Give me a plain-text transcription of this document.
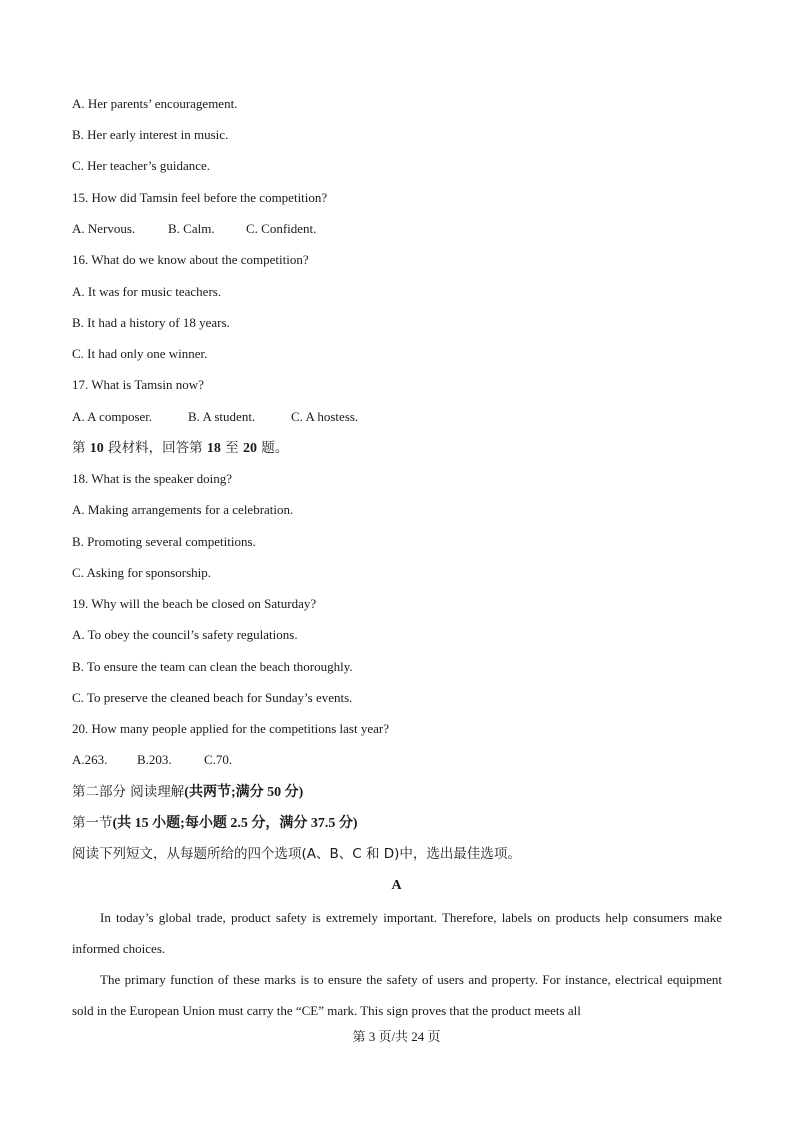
A. Her parents’ encouragement.
B. Her early interest in music.
C. Her teacher’s guidance.
15. How did Tamsin feel before the competition?
A. Nervous.	B. Calm. C. Confident.
16. What do we know about the competition?
A. It was for music teachers.
B. It had a history of 18 years.
C. It had only one winner.
17. What is Tamsin now?
A. A composer.	B. A student.	C. A hostess.
第 10 段材料，回答第 18 至 20 题。
18. What is the speaker doing?
A. Making arrangements for a celebration.
B. Promoting several competitions.
C. Asking for sponsorship.
19. Why will the beach be closed on Saturday?
A. To obey the council’s safety regulations.
B. To ensure the team can clean the beach thoroughly.
C. To preserve the cleaned beach for Sunday’s events.
20. How many people applied for the competitions last year?
A.263. B.203. C.70.
第二部分 阅读理解(共两节;满分 50 分)
第一节(共 15 小题;每小题 2.5 分，满分 37.5 分)
阅读下列短文，从每题所给的四个选项(A、B、C 和 D)中，选出最佳选项。
A

In today’s global trade, product safety is extremely important. Therefore, labels on products help consumers make informed choices.

The primary function of these marks is to ensure the safety of users and property. For instance, electrical equipment sold in the European Union must carry the “CE” mark. This sign proves that the product meets all

第 3 页/共 24 页
